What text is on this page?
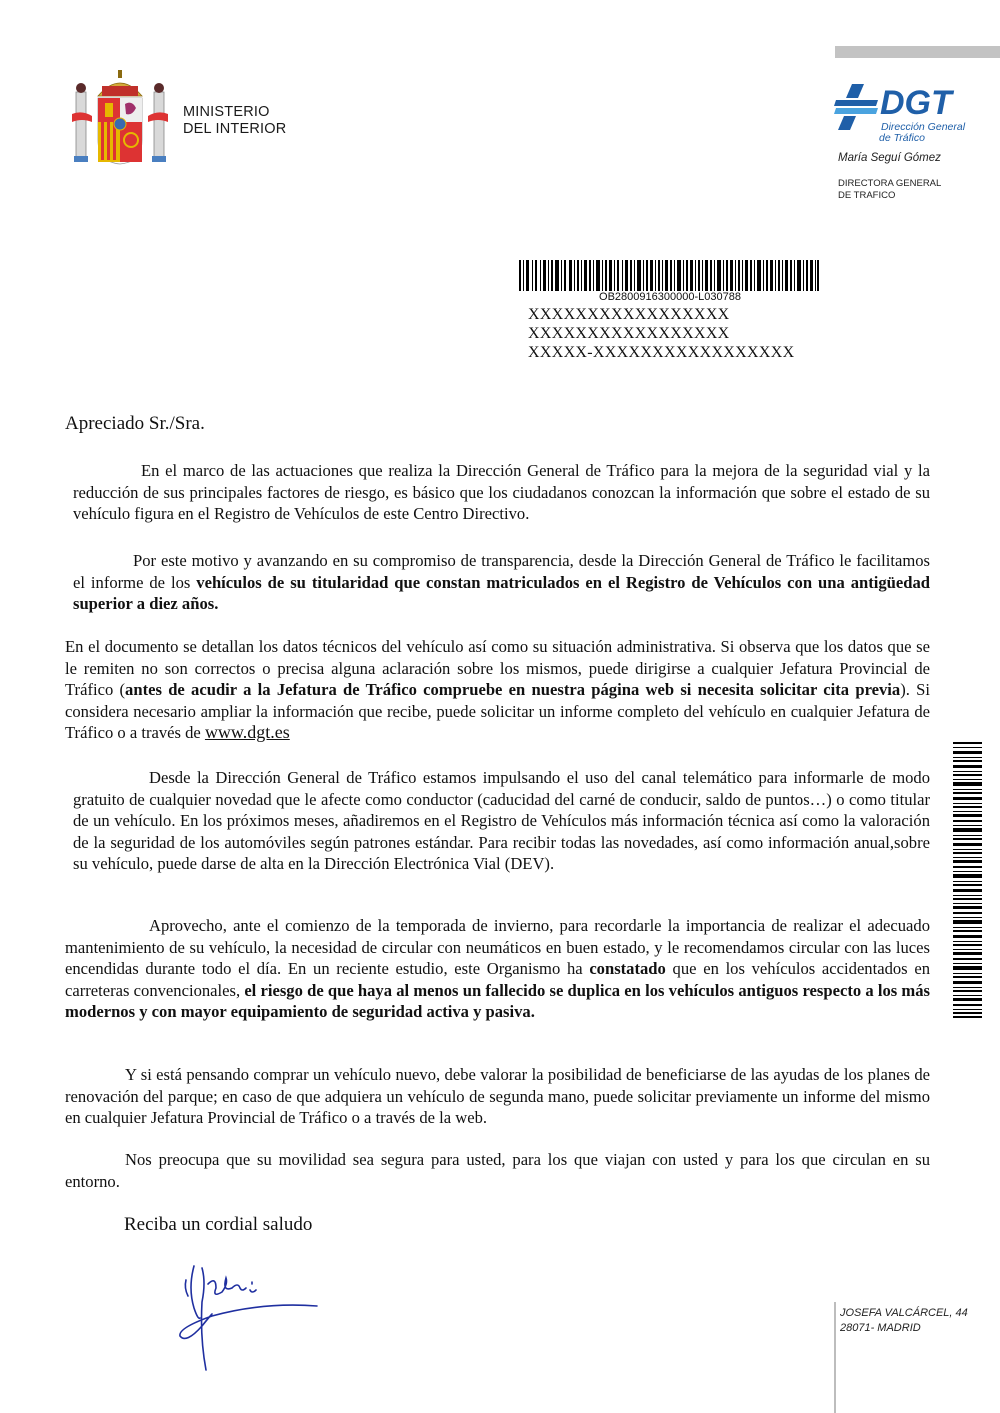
MINISTERIO
DEL INTERIOR
DGT
Dirección General
de Tráfico
María Seguí Gómez
DIRECTORA GENERAL
DE TRAFICO
OB2800916300000-L030788
XXXXXXXXXXXXXXXXX
XXXXXXXXXXXXXXXXX
XXXXX-XXXXXXXXXXXXXXXXX
Apreciado Sr./Sra.
En el marco de las actuaciones que realiza la Dirección General de Tráfico para la mejora de la seguridad vial y la reducción de sus principales factores de riesgo, es básico que los ciudadanos conozcan la información que sobre el estado de su vehículo figura en el Registro de Vehículos de este Centro Directivo.
Por este motivo y avanzando en su compromiso de transparencia, desde la Dirección General de Tráfico le facilitamos el informe de los vehículos de su titularidad que constan matriculados en el Registro de Vehículos con una antigüedad superior a diez años.
En el documento se detallan los datos técnicos del vehículo así como su situación administrativa. Si observa que los datos que se le remiten no son correctos o precisa alguna aclaración sobre los mismos, puede dirigirse a cualquier Jefatura Provincial de Tráfico (antes de acudir a la Jefatura de Tráfico compruebe en nuestra página web si necesita solicitar cita previa). Si considera necesario ampliar la información que recibe, puede solicitar un informe completo del vehículo en cualquier Jefatura de Tráfico o a través de www.dgt.es
Desde la Dirección General de Tráfico estamos impulsando el uso del canal telemático para informarle de modo gratuito de cualquier novedad que le afecte como conductor (caducidad del carné de conducir, saldo de puntos…) o como titular de un vehículo. En los próximos meses, añadiremos en el Registro de Vehículos más información técnica así como la valoración de la seguridad de los automóviles según patrones estándar. Para recibir todas las novedades, así como información anual,sobre su vehículo, puede darse de alta en la Dirección Electrónica Vial (DEV).
Aprovecho, ante el comienzo de la temporada de invierno, para recordarle la importancia de realizar el adecuado mantenimiento de su vehículo, la necesidad de circular con neumáticos en buen estado, y le recomendamos circular con las luces encendidas durante todo el día. En un reciente estudio, este Organismo ha constatado que en los vehículos accidentados en carreteras convencionales, el riesgo de que haya al menos un fallecido se duplica en los vehículos antiguos respecto a los más modernos y con mayor equipamiento de seguridad activa y pasiva.
Y si está pensando comprar un vehículo nuevo, debe valorar la posibilidad de beneficiarse de las ayudas de los planes de renovación del parque; en caso de que adquiera un vehículo de segunda mano, puede solicitar previamente un informe del mismo en cualquier Jefatura Provincial de Tráfico o a través de la web.
Nos preocupa que su movilidad sea segura para usted, para los que viajan con usted y para los que circulan en su entorno.
Reciba un cordial saludo
JOSEFA VALCÁRCEL, 44
28071- MADRID
